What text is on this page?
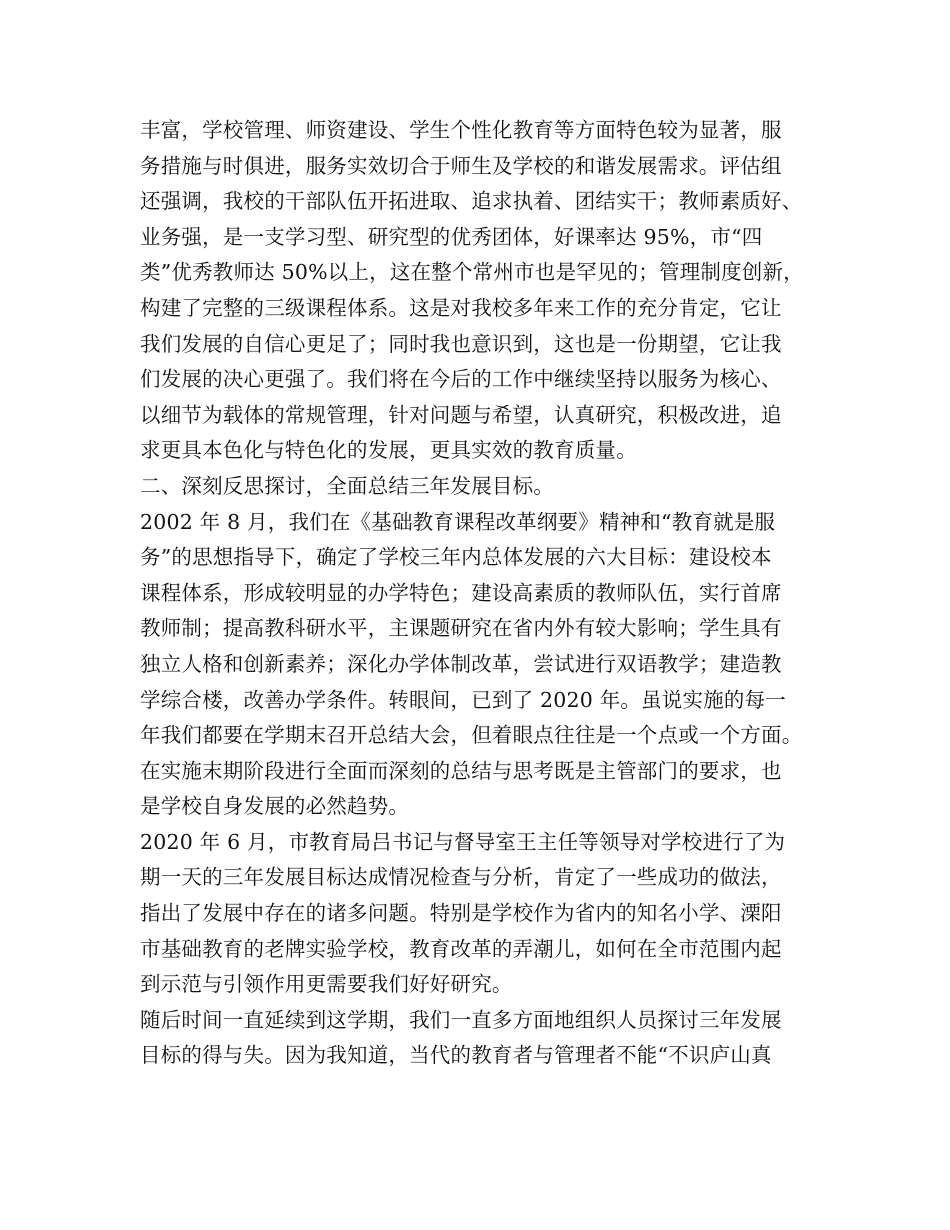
丰富，学校管理、师资建设、学生个性化教育等方面特色较为显著，服
务措施与时俱进，服务实效切合于师生及学校的和谐发展需求。评估组
还强调，我校的干部队伍开拓进取、追求执着、团结实干；教师素质好、
业务强，是一支学习型、研究型的优秀团体，好课率达 95%，市“四
类”优秀教师达 50%以上，这在整个常州市也是罕见的；管理制度创新，
构建了完整的三级课程体系。这是对我校多年来工作的充分肯定，它让
我们发展的自信心更足了；同时我也意识到，这也是一份期望，它让我
们发展的决心更强了。我们将在今后的工作中继续坚持以服务为核心、
以细节为载体的常规管理，针对问题与希望，认真研究，积极改进，追
求更具本色化与特色化的发展，更具实效的教育质量。
二、深刻反思探讨，全面总结三年发展目标。
2002 年 8 月，我们在《基础教育课程改革纲要》精神和“教育就是服
务”的思想指导下，确定了学校三年内总体发展的六大目标：建设校本
课程体系，形成较明显的办学特色；建设高素质的教师队伍，实行首席
教师制；提高教科研水平，主课题研究在省内外有较大影响；学生具有
独立人格和创新素养；深化办学体制改革，尝试进行双语教学；建造教
学综合楼，改善办学条件。转眼间，已到了 2020 年。虽说实施的每一
年我们都要在学期末召开总结大会，但着眼点往往是一个点或一个方面。
在实施末期阶段进行全面而深刻的总结与思考既是主管部门的要求，也
是学校自身发展的必然趋势。
2020 年 6 月，市教育局吕书记与督导室王主任等领导对学校进行了为
期一天的三年发展目标达成情况检查与分析，肯定了一些成功的做法，
指出了发展中存在的诸多问题。特别是学校作为省内的知名小学、溧阳
市基础教育的老牌实验学校，教育改革的弄潮儿，如何在全市范围内起
到示范与引领作用更需要我们好好研究。
随后时间一直延续到这学期，我们一直多方面地组织人员探讨三年发展
目标的得与失。因为我知道，当代的教育者与管理者不能“不识庐山真
